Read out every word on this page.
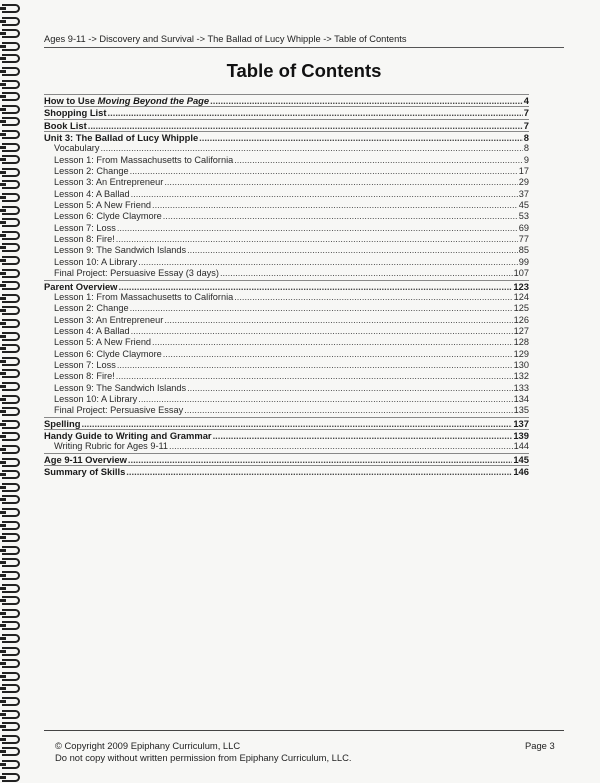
Ages 9-11 -> Discovery and Survival -> The Ballad of Lucy Whipple -> Table of Contents
Table of Contents
How to Use Moving Beyond the Page .....	4
Shopping List .....	7
Book List .....	7
Unit 3: The Ballad of Lucy Whipple .....	8
Vocabulary .....	8
Lesson 1: From Massachusetts to California .....	9
Lesson 2: Change .....	17
Lesson 3: An Entrepreneur .....	29
Lesson 4: A Ballad .....	37
Lesson 5: A New Friend .....	45
Lesson 6: Clyde Claymore .....	53
Lesson 7: Loss .....	69
Lesson 8: Fire! .....	77
Lesson 9: The Sandwich Islands .....	85
Lesson 10: A Library .....	99
Final Project: Persuasive Essay (3 days) .....	107
Parent Overview .....	123
Lesson 1: From Massachusetts to California .....	124
Lesson 2: Change .....	125
Lesson 3: An Entrepreneur .....	126
Lesson 4: A Ballad .....	127
Lesson 5: A New Friend .....	128
Lesson 6: Clyde Claymore .....	129
Lesson 7: Loss .....	130
Lesson 8: Fire! .....	132
Lesson 9: The Sandwich Islands .....	133
Lesson 10: A Library .....	134
Final Project: Persuasive Essay .....	135
Spelling .....	137
Handy Guide to Writing and Grammar .....	139
Writing Rubric for Ages 9-11 .....	144
Age 9-11 Overview .....	145
Summary of Skills .....	146
© Copyright 2009 Epiphany Curriculum, LLC
Do not copy without written permission from Epiphany Curriculum, LLC.
Page 3
